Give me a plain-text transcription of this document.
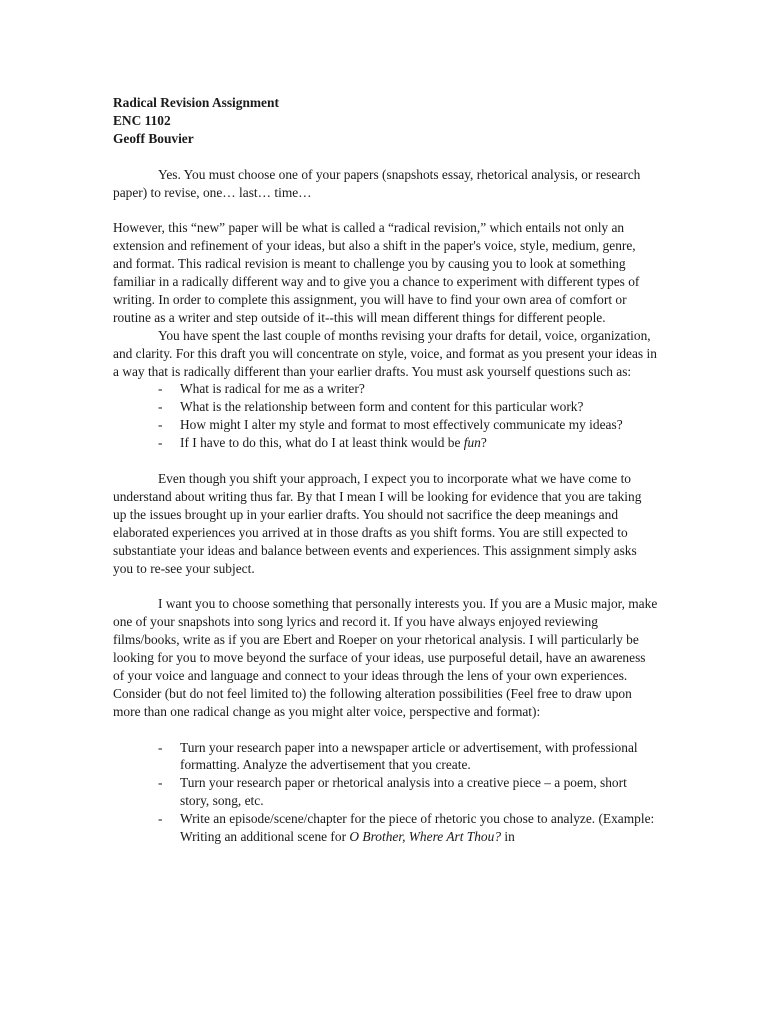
Radical Revision Assignment

ENC 1102

Geoff Bouvier

Yes. You must choose one of your papers (snapshots essay, rhetorical analysis, or research paper) to revise, one… last… time…

However, this “new” paper will be what is called a “radical revision,” which entails not only an extension and refinement of your ideas, but also a shift in the paper's voice, style, medium, genre, and format. This radical revision is meant to challenge you by causing you to look at something familiar in a radically different way and to give you a chance to experiment with different types of writing. In order to complete this assignment, you will have to find your own area of comfort or routine as a writer and step outside of it--this will mean different things for different people.

You have spent the last couple of months revising your drafts for detail, voice, organization, and clarity. For this draft you will concentrate on style, voice, and format as you present your ideas in a way that is radically different than your earlier drafts. You must ask yourself questions such as:

- What is radical for me as a writer?
- What is the relationship between form and content for this particular work?
- How might I alter my style and format to most effectively communicate my ideas?
- If I have to do this, what do I at least think would be fun?

Even though you shift your approach, I expect you to incorporate what we have come to understand about writing thus far. By that I mean I will be looking for evidence that you are taking up the issues brought up in your earlier drafts. You should not sacrifice the deep meanings and elaborated experiences you arrived at in those drafts as you shift forms. You are still expected to substantiate your ideas and balance between events and experiences. This assignment simply asks you to re-see your subject.

I want you to choose something that personally interests you. If you are a Music major, make one of your snapshots into song lyrics and record it. If you have always enjoyed reviewing films/books, write as if you are Ebert and Roeper on your rhetorical analysis. I will particularly be looking for you to move beyond the surface of your ideas, use purposeful detail, have an awareness of your voice and language and connect to your ideas through the lens of your own experiences. Consider (but do not feel limited to) the following alteration possibilities (Feel free to draw upon more than one radical change as you might alter voice, perspective and format):

- Turn your research paper into a newspaper article or advertisement, with professional formatting. Analyze the advertisement that you create.
- Turn your research paper or rhetorical analysis into a creative piece – a poem, short story, song, etc.
- Write an episode/scene/chapter for the piece of rhetoric you chose to analyze. (Example: Writing an additional scene for O Brother, Where Art Thou? in
